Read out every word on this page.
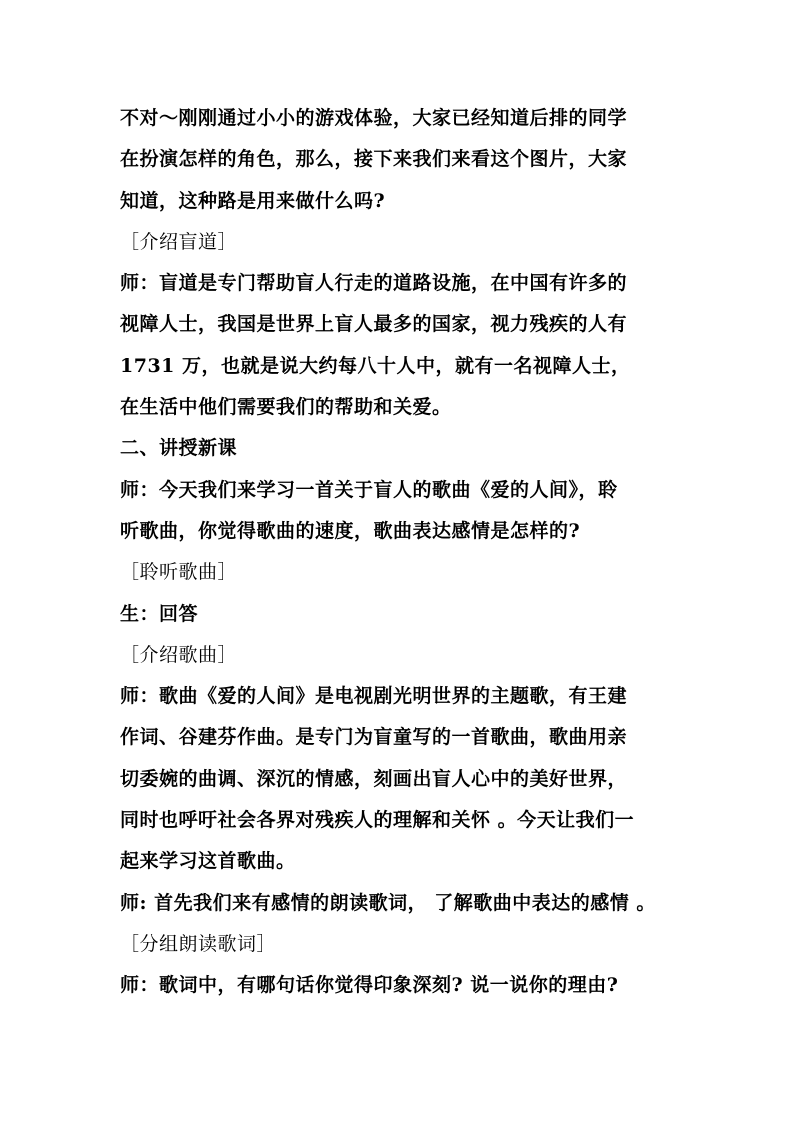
不对～刚刚通过小小的游戏体验，大家已经知道后排的同学
在扮演怎样的角色，那么，接下来我们来看这个图片，大家
知道，这种路是用来做什么吗?
［介绍盲道］
师：盲道是专门帮助盲人行走的道路设施，在中国有许多的
视障人士，我国是世界上盲人最多的国家，视力残疾的人有
1731 万，也就是说大约每八十人中，就有一名视障人士，
在生活中他们需要我们的帮助和关爱。
二、讲授新课
师：今天我们来学习一首关于盲人的歌曲《爱的人间》，聆
听歌曲，你觉得歌曲的速度，歌曲表达感情是怎样的?
［聆听歌曲］
生：回答
［介绍歌曲］
师：歌曲《爱的人间》是电视剧光明世界的主题歌，有王建
作词、谷建芬作曲。是专门为盲童写的一首歌曲，歌曲用亲
切委婉的曲调、深沉的情感，刻画出盲人心中的美好世界，
同时也呼吁社会各界对残疾人的理解和关怀 。今天让我们一
起来学习这首歌曲。
师: 首先我们来有感情的朗读歌词， 了解歌曲中表达的感情 。
［分组朗读歌词］
师：歌词中，有哪句话你觉得印象深刻? 说一说你的理由?
